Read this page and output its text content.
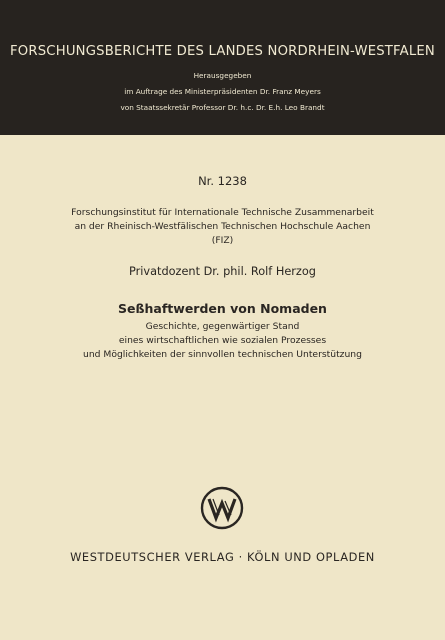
FORSCHUNGSBERICHTE DES LANDES NORDRHEIN-WESTFALEN
Herausgegeben
im Auftrage des Ministerpräsidenten Dr. Franz Meyers
von Staatssekretär Professor Dr. h.c. Dr. E.h. Leo Brandt
Nr. 1238
Forschungsinstitut für Internationale Technische Zusammenarbeit
an der Rheinisch-Westfälischen Technischen Hochschule Aachen
(FIZ)
Privatdozent Dr. phil. Rolf Herzog
Seßhaftwerden von Nomaden
Geschichte, gegenwärtiger Stand
eines wirtschaftlichen wie sozialen Prozesses
und Möglichkeiten der sinnvollen technischen Unterstützung
WESTDEUTSCHER VERLAG · KÖLN UND OPLADEN
